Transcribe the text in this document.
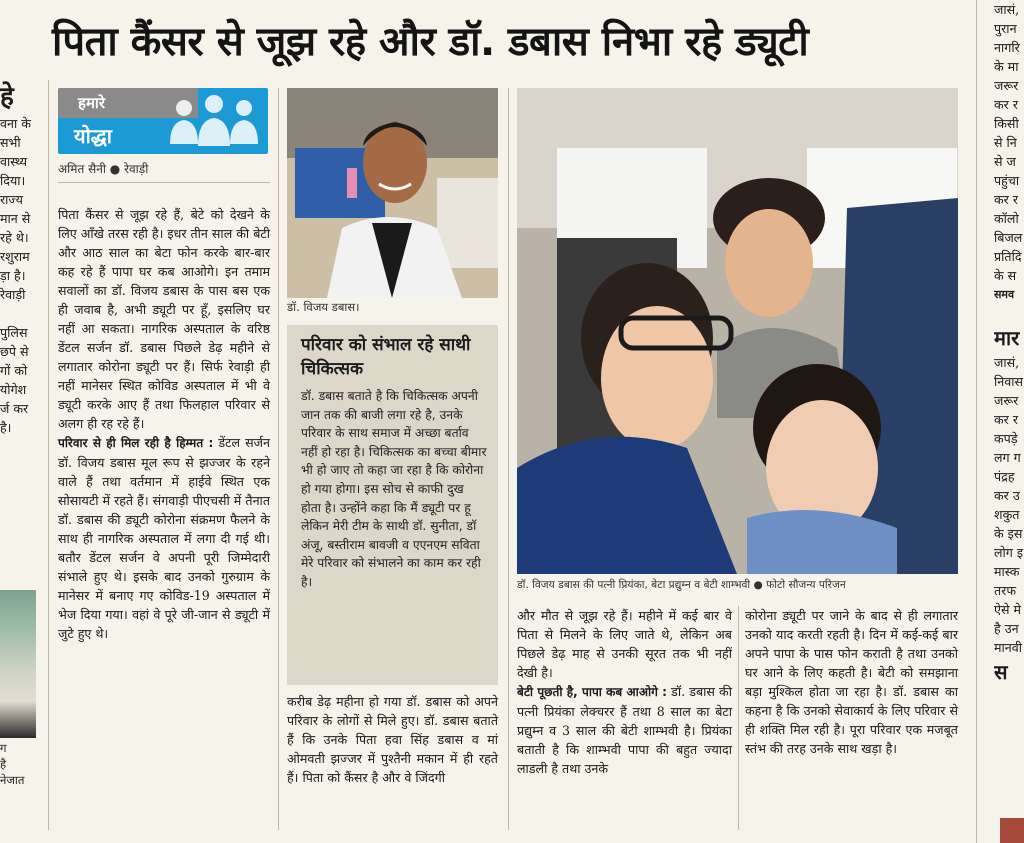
पिता कैंसर से जूझ रहे और डॉ. डबास निभा रहे ड्यूटी
हे
वना के
सभी
वास्थ्य
दिया।
राज्य
मान से
रहे थे।
रशुराम
ड़ा है।
रेवाड़ी

पुलिस
छपे से
गों को
योगेश
र्ज कर
है।
ग
है
नेजात
हमारे
योद्धा
अमित सैनी ● रेवाड़ी

पिता कैंसर से जूझ रहे हैं, बेटे को देखने के लिए आँखे तरस रही है। इधर तीन साल की बेटी और आठ साल का बेटा फोन करके बार-बार कह रहे हैं पापा घर कब आओगे। इन तमाम सवालों का डॉ. विजय डबास के पास बस एक ही जवाब है, अभी ड्यूटी पर हूँ, इसलिए घर नहीं आ सकता। नागरिक अस्पताल के वरिष्ठ डेंटल सर्जन डॉ. डबास पिछले डेढ़ महीने से लगातार कोरोना ड्यूटी पर हैं। सिर्फ रेवाड़ी ही नहीं मानेसर स्थित कोविड अस्पताल में भी वे ड्यूटी करके आए हैं तथा फिलहाल परिवार से अलग ही रह रहे हैं।

परिवार से ही मिल रही है हिम्मत : डेंटल सर्जन डॉ. विजय डबास मूल रूप से झज्जर के रहने वाले हैं तथा वर्तमान में हाईवे स्थित एक सोसायटी में रहते हैं। संगवाड़ी पीएचसी में तैनात डॉ. डबास की ड्यूटी कोरोना संक्रमण फैलने के साथ ही नागरिक अस्पताल में लगा दी गई थी। बतौर डेंटल सर्जन वे अपनी पूरी जिम्मेदारी संभाले हुए थे। इसके बाद उनको गुरुग्राम के मानेसर में बनाए गए कोविड-19 अस्पताल में भेज दिया गया। वहां वे पूरे जी-जान से ड्यूटी में जुटे हुए थे।

डॉ. विजय डबास।
परिवार को संभाल रहे साथी चिकित्सक
डॉ. डबास बताते है कि चिकित्सक अपनी जान तक की बाजी लगा रहे है, उनके परिवार के साथ समाज में अच्छा बर्ताव नहीं हो रहा है। चिकित्सक का बच्चा बीमार भी हो जाए तो कहा जा रहा है कि कोरोना हो गया होगा। इस सोच से काफी दुख होता है। उन्होंने कहा कि मैं ड्यूटी पर हू लेकिन मेरी टीम के साथी डॉ. सुनीता, डॉ अंजू, बस्तीराम बावजी व एएनएम सविता मेरे परिवार को संभालने का काम कर रही है।
करीब डेढ़ महीना हो गया डॉ. डबास को अपने परिवार के लोगों से मिले हुए। डॉ. डबास बताते हैं कि उनके पिता हवा सिंह डबास व मां ओमवती झज्जर में पुश्तैनी मकान में ही रहते हैं। पिता को कैंसर है और वे जिंदगी
डॉ. विजय डबास की पत्नी प्रियंका, बेटा प्रद्युम्न व बेटी शाम्भवी ● फोटो सौजन्य परिजन
और मौत से जूझ रहे हैं। महीने में कई बार वे पिता से मिलने के लिए जाते थे, लेकिन अब पिछले डेढ़ माह से उनकी सूरत तक भी नहीं देखी है।
बेटी पूछती है, पापा कब आओगे : डॉ. डबास की पत्नी प्रियंका लेक्चरर हैं तथा 8 साल का बेटा प्रद्युम्न व 3 साल की बेटी शाम्भवी है। प्रियंका बताती है कि शाम्भवी पापा की बहुत ज्यादा लाडली है तथा उनके
कोरोना ड्यूटी पर जाने के बाद से ही लगातार उनको याद करती रहती है। दिन में कई-कई बार अपने पापा के पास फोन कराती है तथा उनको घर आने के लिए कहती है। बेटी को समझाना बड़ा मुश्किल होता जा रहा है। डॉ. डबास का कहना है कि उनको सेवाकार्य के लिए परिवार से ही शक्ति मिल रही है। पूरा परिवार एक मजबूत स्तंभ की तरह उनके साथ खड़ा है।
जासं,
पुरान
नागरि
के मा
जरूर
कर र
किसी
से नि
से ज
पहुंचा
कर र
कॉलो
बिजल
प्रतिदि
के स
समव

मार
जासं,
निवास
जरूर
कर र
कपड़े
लग ग
पंद्रह
कर उ
शकुत
के इस
लोग इ
मास्क
तरफ
ऐसे मे
है उन
मानवी
स
